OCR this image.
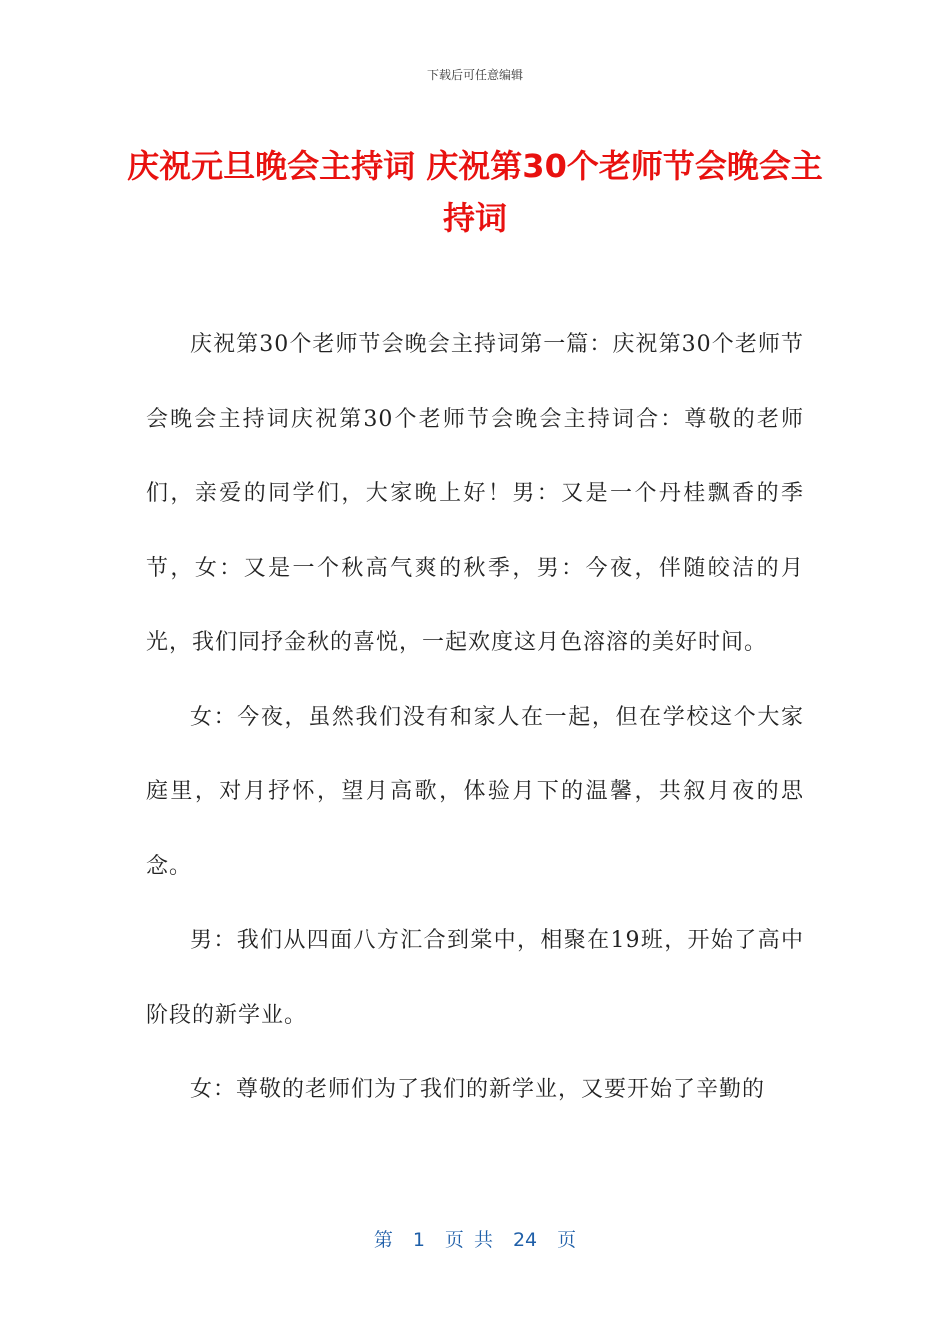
下载后可任意编辑
庆祝元旦晚会主持词 庆祝第30个老师节会晚会主持词

庆祝第30个老师节会晚会主持词第一篇：庆祝第30个老师节会晚会主持词庆祝第30个老师节会晚会主持词合：尊敬的老师们，亲爱的同学们，大家晚上好！男：又是一个丹桂飘香的季节，女：又是一个秋高气爽的秋季，男：今夜，伴随皎洁的月光，我们同抒金秋的喜悦，一起欢度这月色溶溶的美好时间。

女：今夜，虽然我们没有和家人在一起，但在学校这个大家庭里，对月抒怀，望月高歌，体验月下的温馨，共叙月夜的思念。

男：我们从四面八方汇合到棠中，相聚在19班，开始了高中阶段的新学业。

女：尊敬的老师们为了我们的新学业，又要开始了辛勤的

第 1 页 共 24 页
